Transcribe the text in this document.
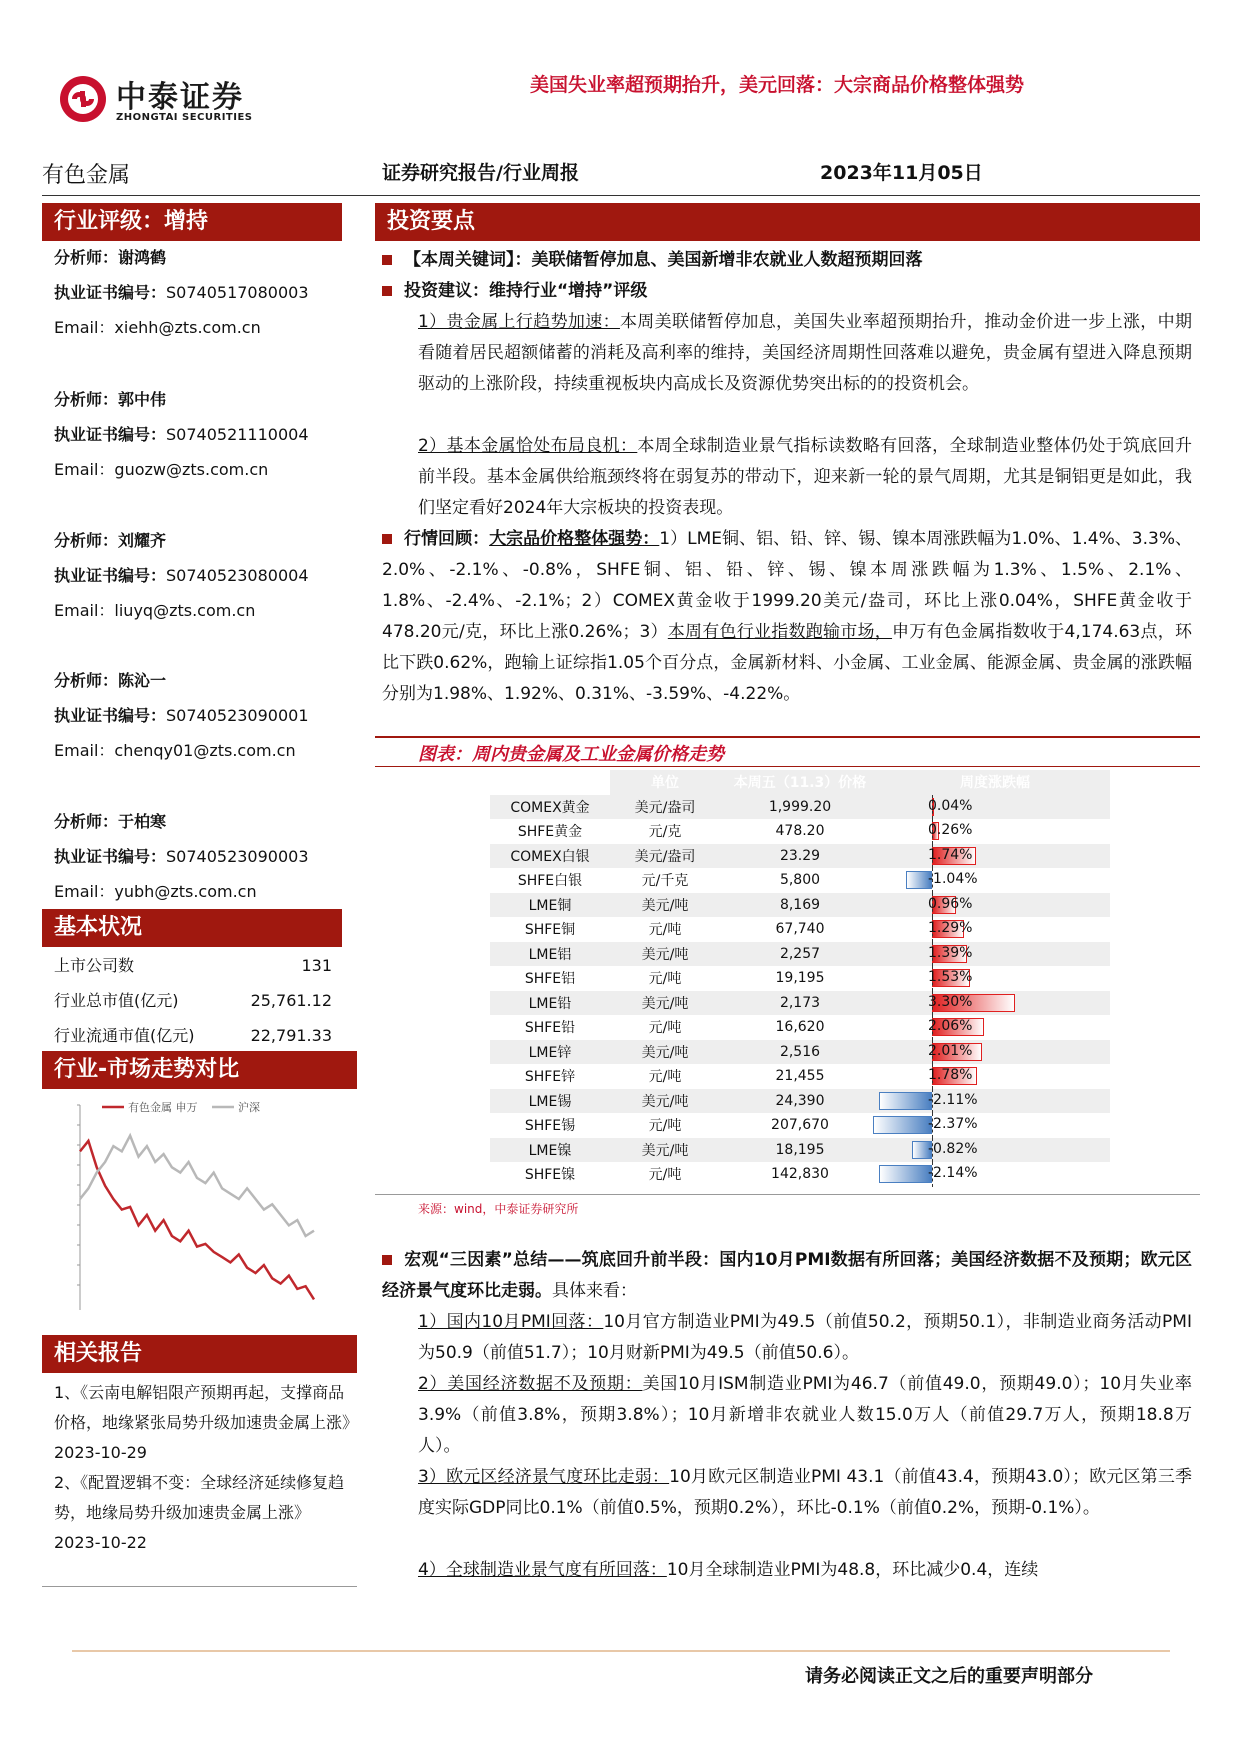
中泰证券
ZHONGTAI SECURITIES
美国失业率超预期抬升，美元回落：大宗商品价格整体强势
有色金属	证券研究报告/行业周报	2023年11月05日
行业评级：增持
分析师：谢鸿鹤
执业证书编号：S0740517080003
Email：xiehh@zts.com.cn
分析师：郭中伟
执业证书编号：S0740521110004
Email：guozw@zts.com.cn
分析师：刘耀齐
执业证书编号：S0740523080004
Email：liuyq@zts.com.cn
分析师：陈沁一
执业证书编号：S0740523090001
Email：chenqy01@zts.com.cn
分析师：于柏寒
执业证书编号：S0740523090003
Email：yubh@zts.com.cn
基本状况
上市公司数	131
行业总市值(亿元)	25,761.12
行业流通市值(亿元)	22,791.33
行业-市场走势对比
有色金属 申万	沪深
相关报告
1、《云南电解铝限产预期再起，支撑商品价格，地缘紧张局势升级加速贵金属上涨》2023-10-29
2、《配置逻辑不变：全球经济延续修复趋势，地缘局势升级加速贵金属上涨》2023-10-22
投资要点
【本周关键词】：美联储暂停加息、美国新增非农就业人数超预期回落
投资建议：维持行业“增持”评级
1）贵金属上行趋势加速：本周美联储暂停加息，美国失业率超预期抬升，推动金价进一步上涨，中期看随着居民超额储蓄的消耗及高利率的维持，美国经济周期性回落难以避免，贵金属有望进入降息预期驱动的上涨阶段，持续重视板块内高成长及资源优势突出标的的投资机会。
2）基本金属恰处布局良机：本周全球制造业景气指标读数略有回落，全球制造业整体仍处于筑底回升前半段。基本金属供给瓶颈终将在弱复苏的带动下，迎来新一轮的景气周期，尤其是铜铝更是如此，我们坚定看好2024年大宗板块的投资表现。
行情回顾：大宗品价格整体强势：1）LME铜、铝、铅、锌、锡、镍本周涨跌幅为1.0%、1.4%、3.3%、2.0%、-2.1%、-0.8%，SHFE铜、铝、铅、锌、锡、镍本周涨跌幅为1.3%、1.5%、2.1%、1.8%、-2.4%、-2.1%；2）COMEX黄金收于1999.20美元/盎司，环比上涨0.04%，SHFE黄金收于478.20元/克，环比上涨0.26%；3）本周有色行业指数跑输市场，申万有色金属指数收于4,174.63点，环比下跌0.62%，跑输上证综指1.05个百分点，金属新材料、小金属、工业金属、能源金属、贵金属的涨跌幅分别为1.98%、1.92%、0.31%、-3.59%、-4.22%。
图表：周内贵金属及工业金属价格走势
	单位	本周五（11.3）价格	周度涨跌幅
COMEX黄金	美元/盎司	1,999.20	0.04%

SHFE黄金	元/克	478.20	0.26%

COMEX白银	美元/盎司	23.29	1.74%

SHFE白银	元/千克	5,800	-1.04%

LME铜	美元/吨	8,169	0.96%

SHFE铜	元/吨	67,740	1.29%

LME铝	美元/吨	2,257	1.39%

SHFE铝	元/吨	19,195	1.53%

LME铅	美元/吨	2,173	3.30%

SHFE铅	元/吨	16,620	2.06%

LME锌	美元/吨	2,516	2.01%

SHFE锌	元/吨	21,455	1.78%

LME锡	美元/吨	24,390	-2.11%

SHFE锡	元/吨	207,670	-2.37%

LME镍	美元/吨	18,195	-0.82%

SHFE镍	元/吨	142,830	-2.14%
来源：wind，中泰证券研究所
宏观“三因素”总结——筑底回升前半段：国内10月PMI数据有所回落；美国经济数据不及预期；欧元区经济景气度环比走弱。具体来看：
1）国内10月PMI回落：10月官方制造业PMI为49.5（前值50.2，预期50.1），非制造业商务活动PMI为50.9（前值51.7）；10月财新PMI为49.5（前值50.6）。
2）美国经济数据不及预期：美国10月ISM制造业PMI为46.7（前值49.0，预期49.0）；10月失业率3.9%（前值3.8%，预期3.8%）；10月新增非农就业人数15.0万人（前值29.7万人，预期18.8万人）。
3）欧元区经济景气度环比走弱：10月欧元区制造业PMI 43.1（前值43.4，预期43.0）；欧元区第三季度实际GDP同比0.1%（前值0.5%，预期0.2%），环比-0.1%（前值0.2%，预期-0.1%）。
4）全球制造业景气度有所回落：10月全球制造业PMI为48.8，环比减少0.4，连续
请务必阅读正文之后的重要声明部分
